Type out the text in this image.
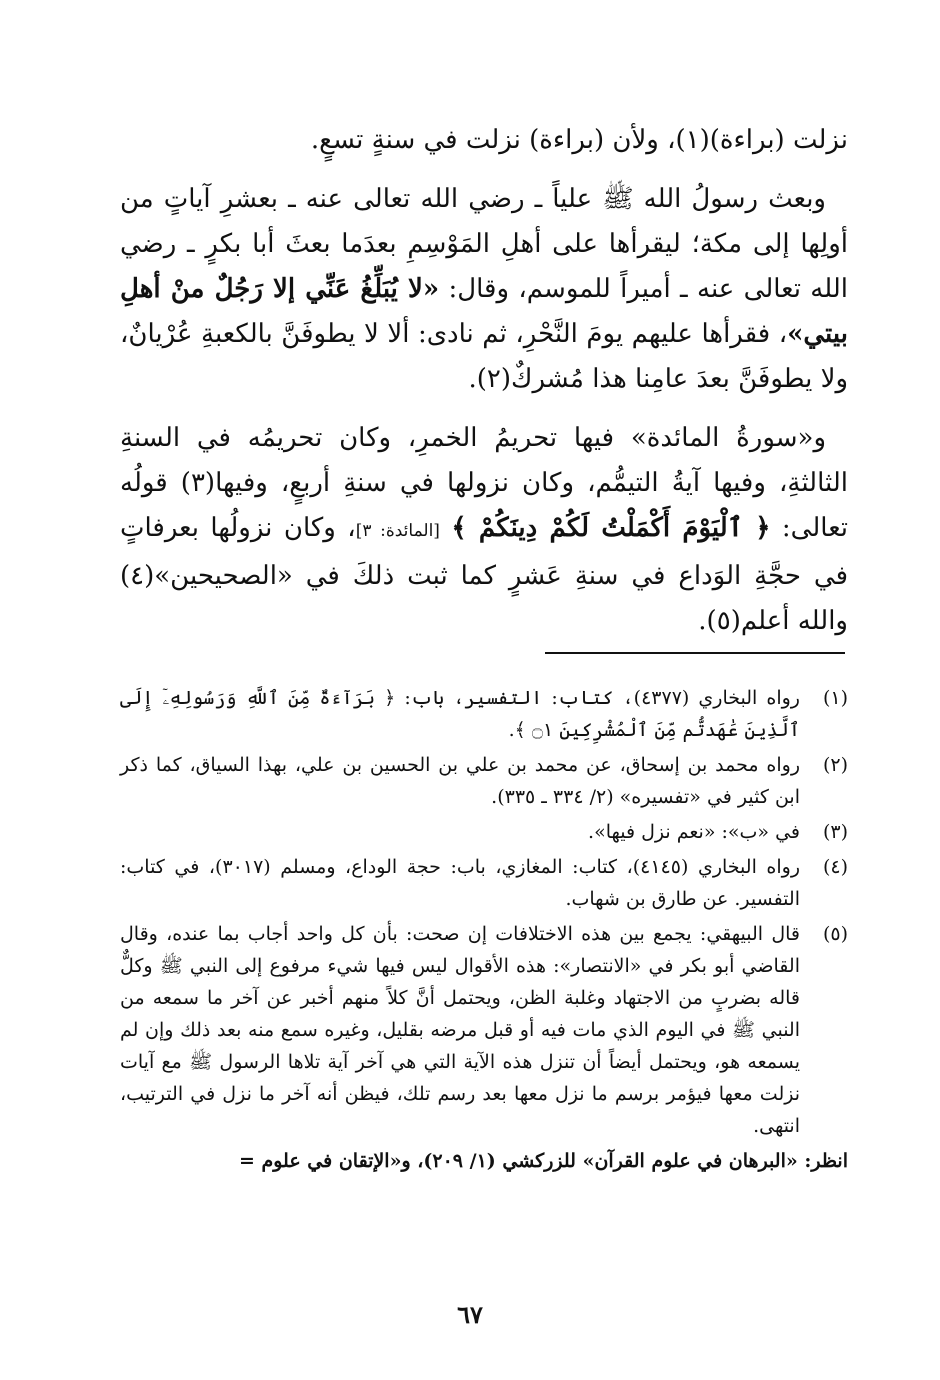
نزلت (براءة)(١)، ولأن (براءة) نزلت في سنةٍ تسعٍ.

وبعث رسولُ الله ﷺ علياً ـ رضي الله تعالى عنه ـ بعشرِ آياتٍ من أولِها إلى مكة؛ ليقرأها على أهلِ المَوْسِمِ بعدَما بعثَ أبا بكرٍ ـ رضي الله تعالى عنه ـ أميراً للموسم، وقال: «لا يُبَلِّغُ عَنِّي إلا رَجُلٌ منْ أهلِ بيتي»، فقرأها عليهم يومَ النَّحْرِ، ثم نادى: ألا لا يطوفَنَّ بالكعبةِ عُرْيانٌ، ولا يطوفَنَّ بعدَ عامِنا هذا مُشركٌ(٢).

و«سورةُ المائدة» فيها تحريمُ الخمرِ، وكان تحريمُه في السنةِ الثالثةِ، وفيها آيةُ التيمُّم، وكان نزولها في سنةِ أربعٍ، وفيها(٣) قولُه تعالى: ﴿ ٱلْيَوْمَ أَكْمَلْتُ لَكُمْ دِينَكُمْ ﴾ [المائدة: ٣]، وكان نزولُها بعرفاتٍ في حجَّةِ الوَداع في سنةِ عَشرٍ كما ثبت ذلكَ في «الصحيحين»(٤) والله أعلم(٥).

(١)
رواه البخاري (٤٣٧٧)، كتاب: التفسير، باب: ﴿ بَرَآءَةٌ مِّنَ ٱللَّهِ وَرَسُولِهِۦٓ إِلَى ٱلَّذِينَ عَٰهَدتُّم مِّنَ ٱلْمُشْرِكِينَ ۝١ ﴾.
(٢)
رواه محمد بن إسحاق، عن محمد بن علي بن الحسين بن علي، بهذا السياق، كما ذكر ابن كثير في «تفسيره» (٢/ ٣٣٤ ـ ٣٣٥).
(٣)
في «ب»: «نعم نزل فيها».
(٤)
رواه البخاري (٤١٤٥)، كتاب: المغازي، باب: حجة الوداع، ومسلم (٣٠١٧)، في كتاب: التفسير. عن طارق بن شهاب.
(٥)
قال البيهقي: يجمع بين هذه الاختلافات إن صحت: بأن كل واحد أجاب بما عنده، وقال القاضي أبو بكر في «الانتصار»: هذه الأقوال ليس فيها شيء مرفوع إلى النبي ﷺ وكلٌّ قاله بضربٍ من الاجتهاد وغلبة الظن، ويحتمل أنَّ كلاً منهم أخبر عن آخر ما سمعه من النبي ﷺ في اليوم الذي مات فيه أو قبل مرضه بقليل، وغيره سمع منه بعد ذلك وإن لم يسمعه هو، ويحتمل أيضاً أن تنزل هذه الآية التي هي آخر آية تلاها الرسول ﷺ مع آيات نزلت معها فيؤمر برسم ما نزل معها بعد رسم تلك، فيظن أنه آخر ما نزل في الترتيب، انتهى.

انظر: «البرهان في علوم القرآن» للزركشي (١/ ٢٠٩)، و«الإتقان في علوم =

٦٧
